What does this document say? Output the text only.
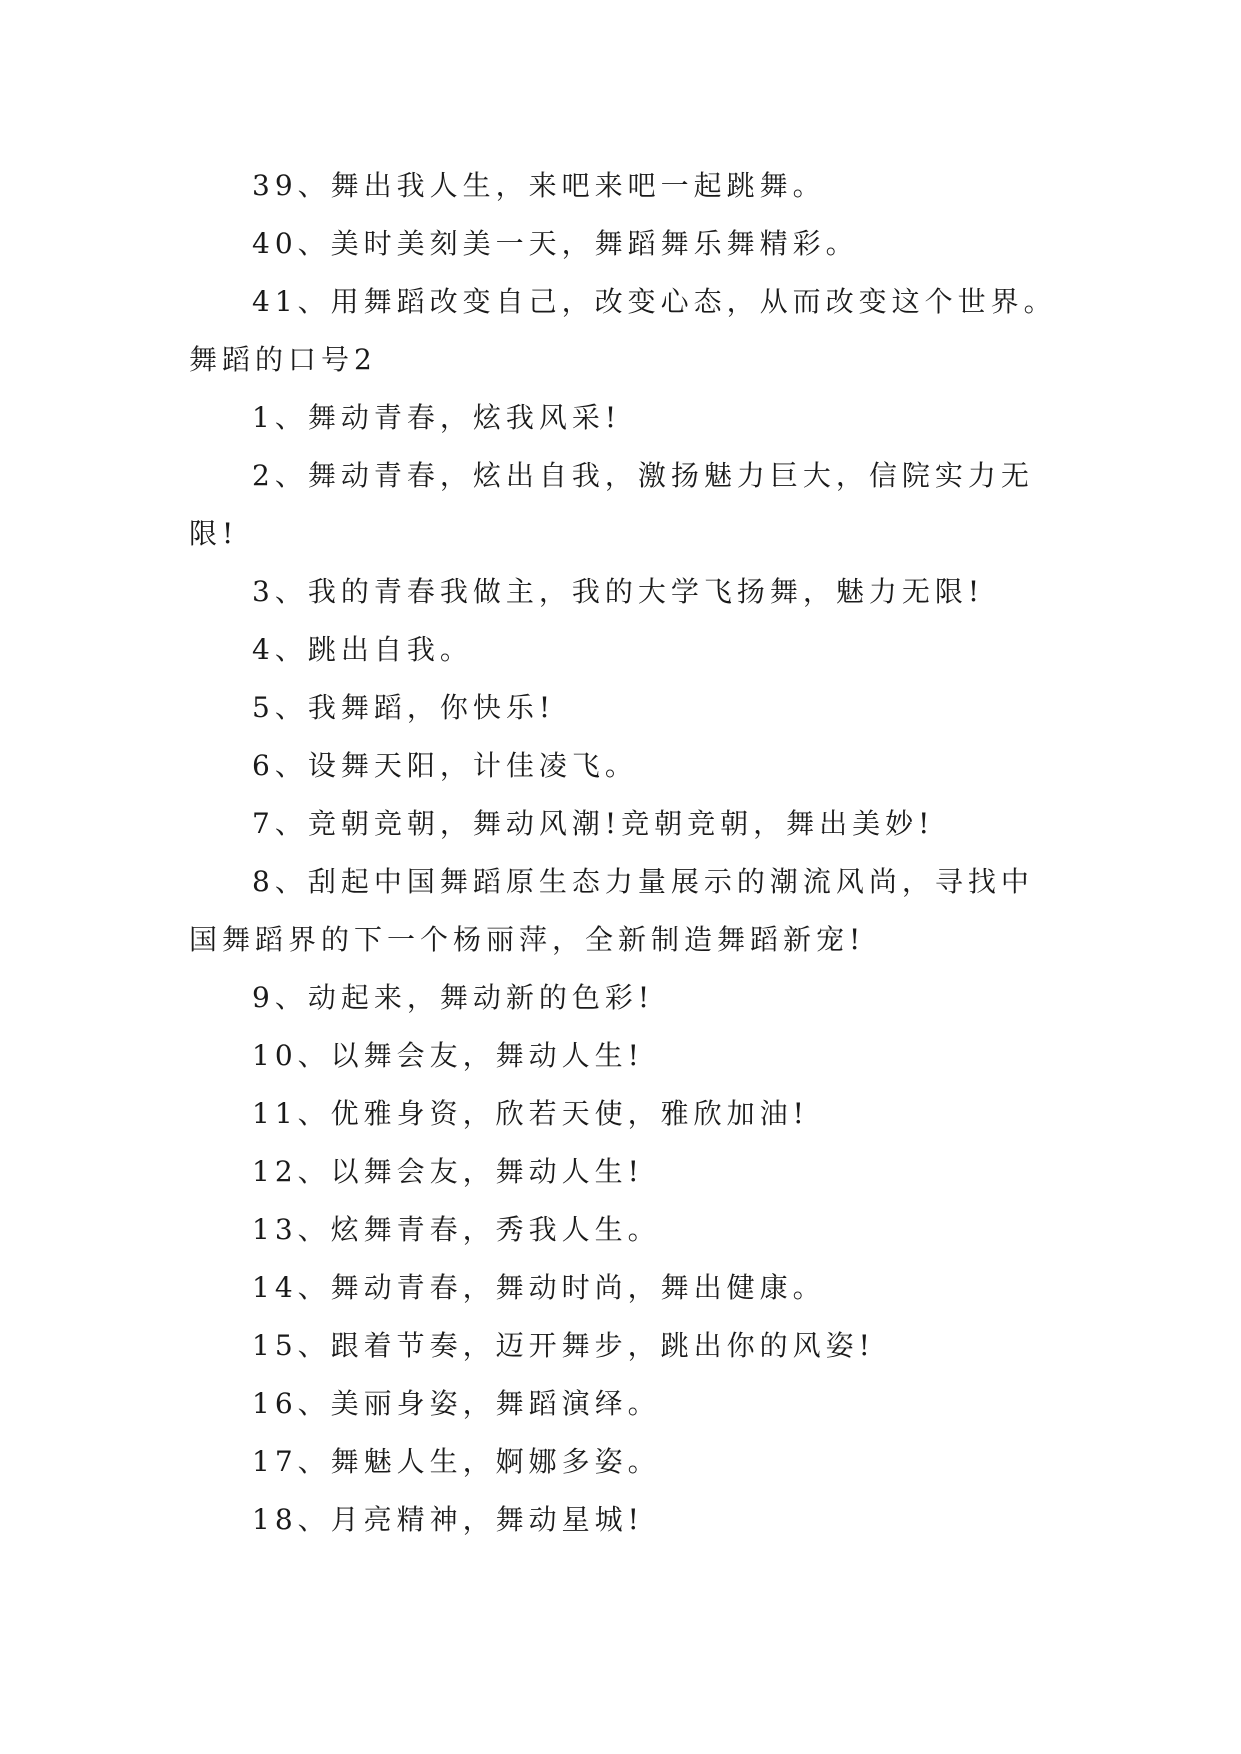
39、舞出我人生，来吧来吧一起跳舞。
40、美时美刻美一天，舞蹈舞乐舞精彩。
41、用舞蹈改变自己，改变心态，从而改变这个世界。
舞蹈的口号2
1、舞动青春，炫我风采!
2、舞动青春，炫出自我，激扬魅力巨大，信院实力无
限!
3、我的青春我做主，我的大学飞扬舞，魅力无限!
4、跳出自我。
5、我舞蹈，你快乐!
6、设舞天阳，计佳凌飞。
7、竞朝竞朝，舞动风潮!竞朝竞朝，舞出美妙!
8、刮起中国舞蹈原生态力量展示的潮流风尚，寻找中
国舞蹈界的下一个杨丽萍，全新制造舞蹈新宠!
9、动起来，舞动新的色彩!
10、以舞会友，舞动人生!
11、优雅身资，欣若天使，雅欣加油!
12、以舞会友，舞动人生!
13、炫舞青春，秀我人生。
14、舞动青春，舞动时尚，舞出健康。
15、跟着节奏，迈开舞步，跳出你的风姿!
16、美丽身姿，舞蹈演绎。
17、舞魅人生，婀娜多姿。
18、月亮精神，舞动星城!
